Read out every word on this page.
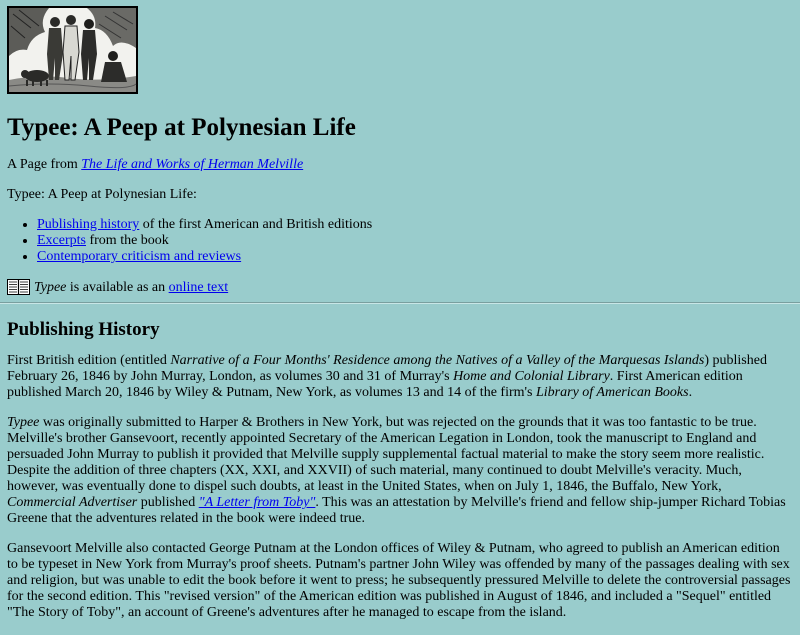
Typee: A Peep at Polynesian Life

A Page from The Life and Works of Herman Melville

Typee: A Peep at Polynesian Life:

• Publishing history of the first American and British editions
• Excerpts from the book
• Contemporary criticism and reviews
Typee is available as an online text
Publishing History

First British edition (entitled Narrative of a Four Months' Residence among the Natives of a Valley of the Marquesas Islands) published February 26, 1846 by John Murray, London, as volumes 30 and 31 of Murray's Home and Colonial Library. First American edition published March 20, 1846 by Wiley & Putnam, New York, as volumes 13 and 14 of the firm's Library of American Books.

Typee was originally submitted to Harper & Brothers in New York, but was rejected on the grounds that it was too fantastic to be true. Melville's brother Gansevoort, recently appointed Secretary of the American Legation in London, took the manuscript to England and persuaded John Murray to publish it provided that Melville supply supplemental factual material to make the story seem more realistic. Despite the addition of three chapters (XX, XXI, and XXVII) of such material, many continued to doubt Melville's veracity. Much, however, was eventually done to dispel such doubts, at least in the United States, when on July 1, 1846, the Buffalo, New York, Commercial Advertiser published "A Letter from Toby". This was an attestation by Melville's friend and fellow ship-jumper Richard Tobias Greene that the adventures related in the book were indeed true.

Gansevoort Melville also contacted George Putnam at the London offices of Wiley & Putnam, who agreed to publish an American edition to be typeset in New York from Murray's proof sheets. Putnam's partner John Wiley was offended by many of the passages dealing with sex and religion, but was unable to edit the book before it went to press; he subsequently pressured Melville to delete the controversial passages for the second edition. This "revised version" of the American edition was published in August of 1846, and included a "Sequel" entitled "The Story of Toby", an account of Greene's adventures after he managed to escape from the island.
